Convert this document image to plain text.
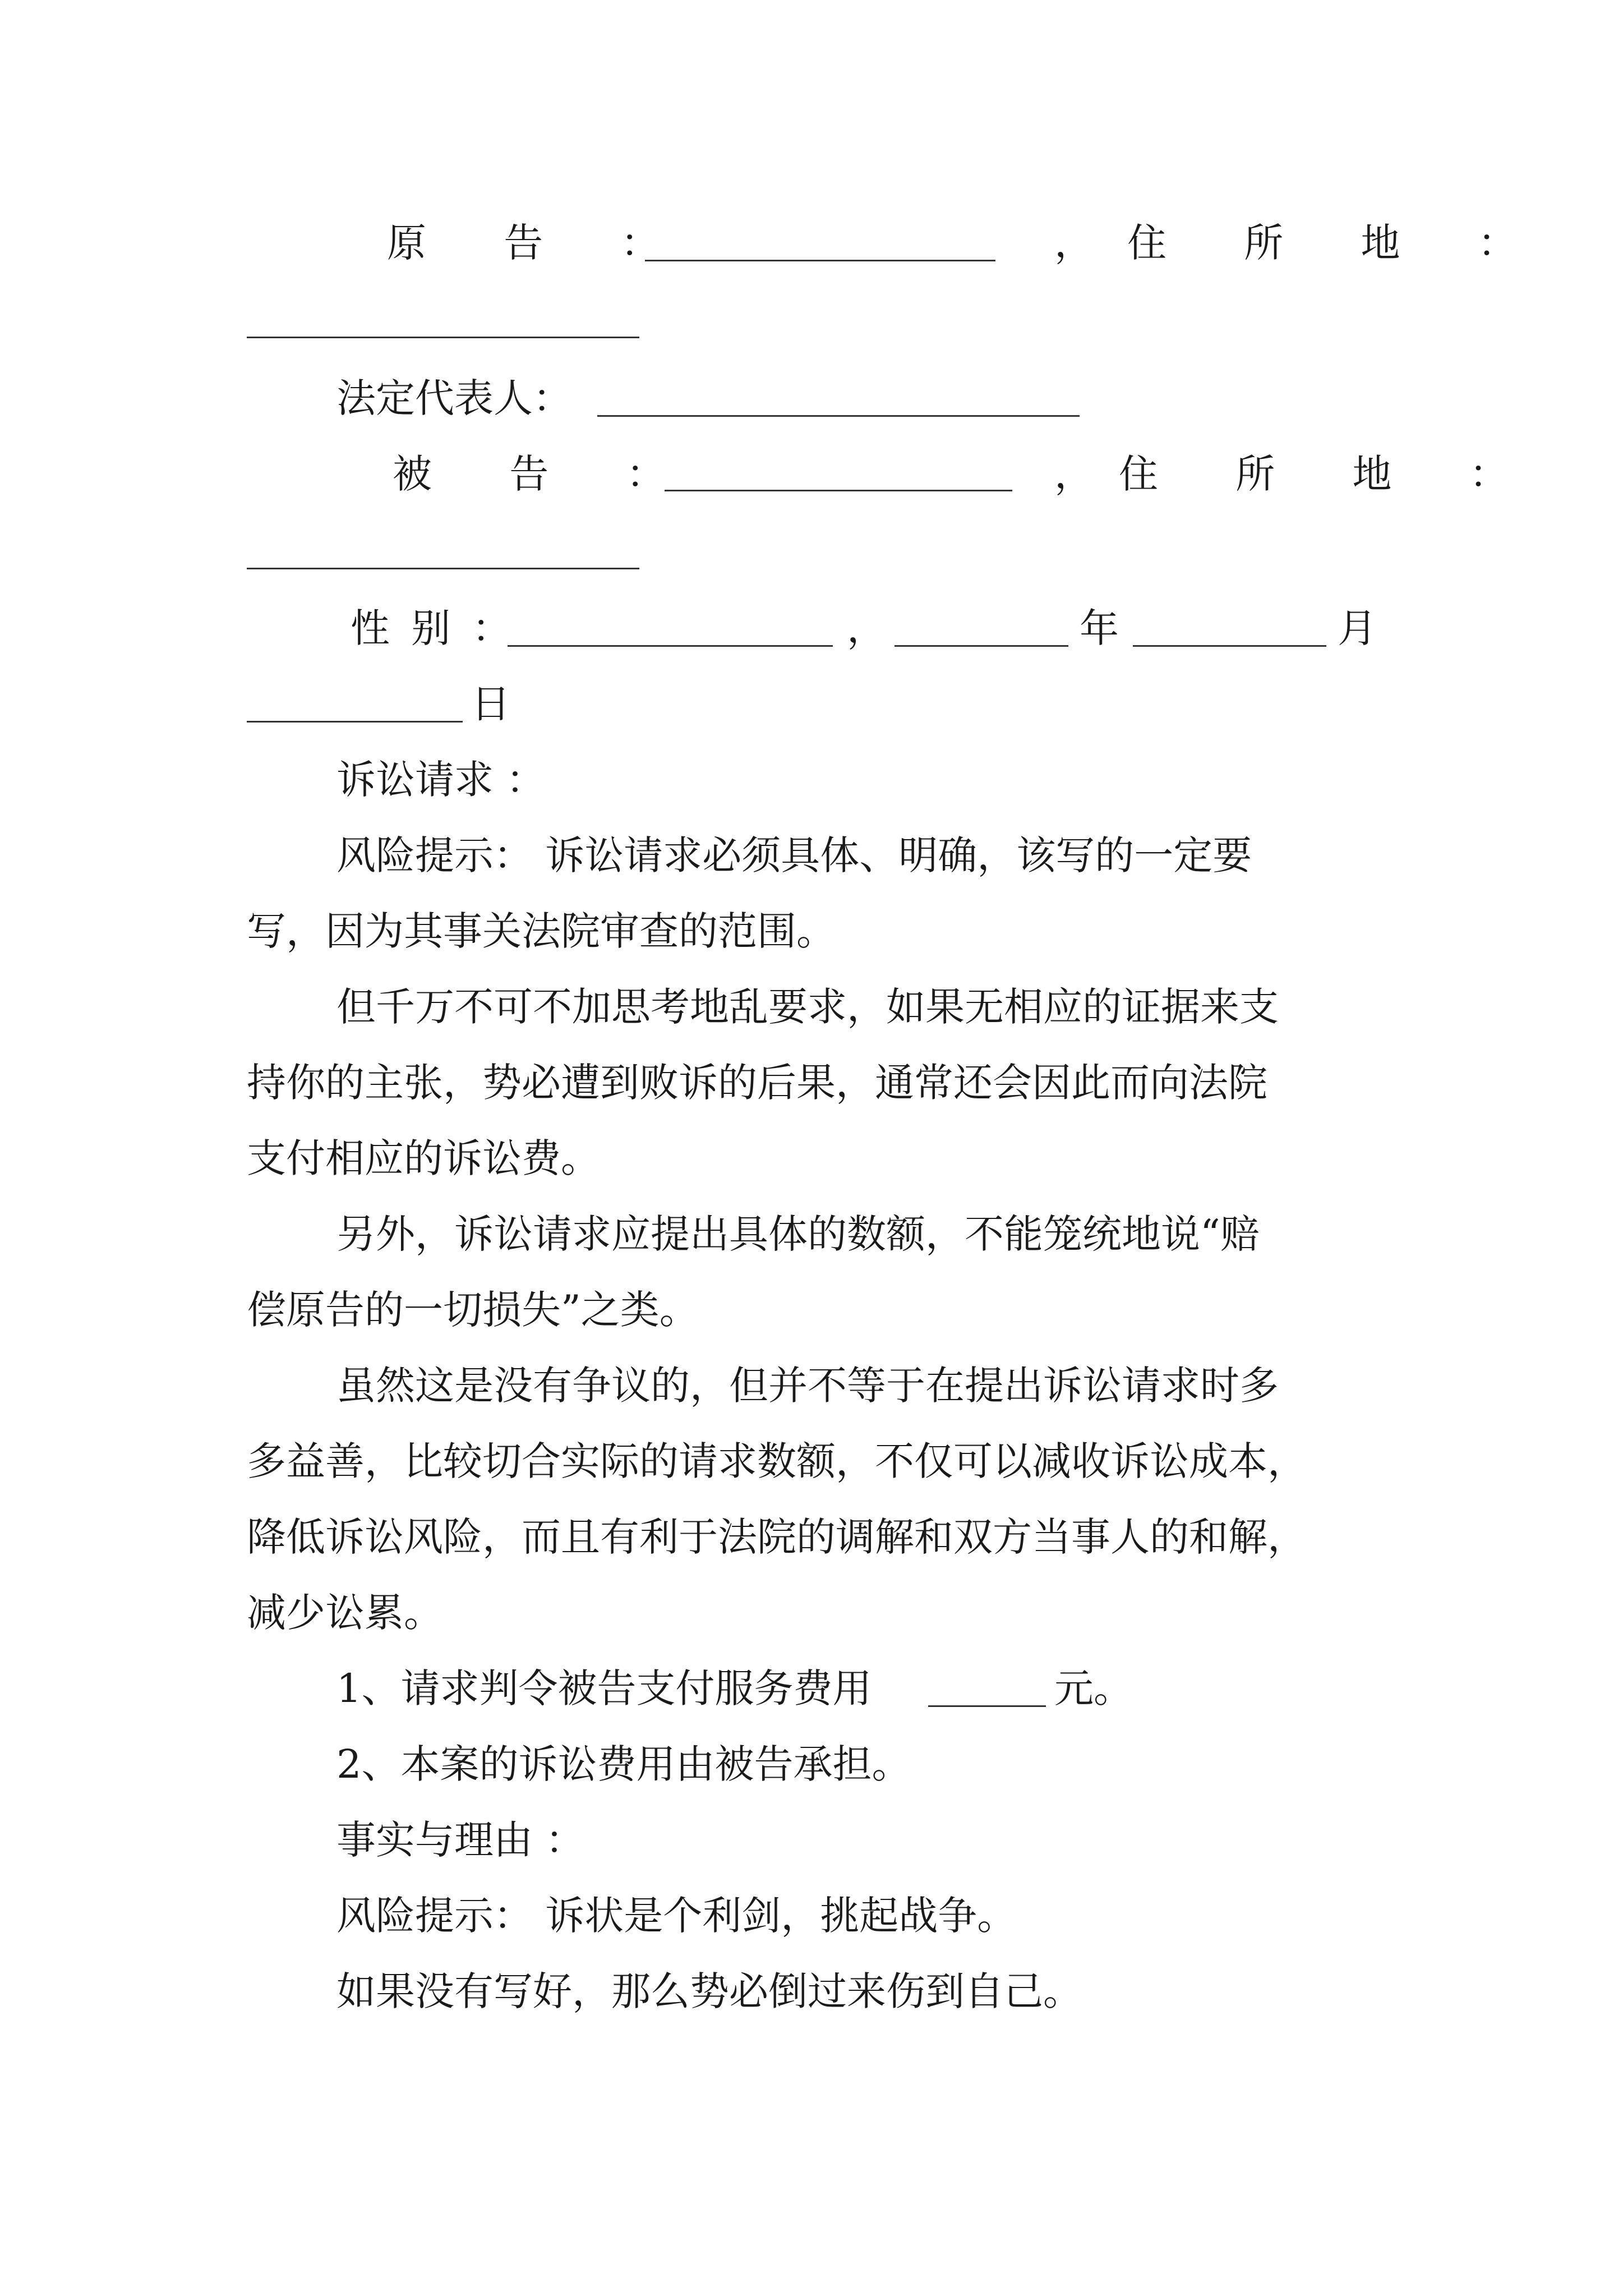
原 告 ：	， 住 所 地 ：
法定代表人：
被 告 ：	， 住 所 地 ：
性 别 ：	，	年	月
日
诉讼请求 ：
风险提示： 诉讼请求必须具体、明确，该写的一定要
写，因为其事关法院审查的范围。
但千万不可不加思考地乱要求，如果无相应的证据来支
持你的主张，势必遭到败诉的后果，通常还会因此而向法院
支付相应的诉讼费。
另外，诉讼请求应提出具体的数额，不能笼统地说“赔
偿原告的一切损失”之类。
虽然这是没有争议的，但并不等于在提出诉讼请求时多
多益善，比较切合实际的请求数额，不仅可以减收诉讼成本，
降低诉讼风险，而且有利于法院的调解和双方当事人的和解，
减少讼累。
1、请求判令被告支付服务费用	元。
2、本案的诉讼费用由被告承担。
事实与理由 ：
风险提示： 诉状是个利剑，挑起战争。
如果没有写好，那么势必倒过来伤到自己。
